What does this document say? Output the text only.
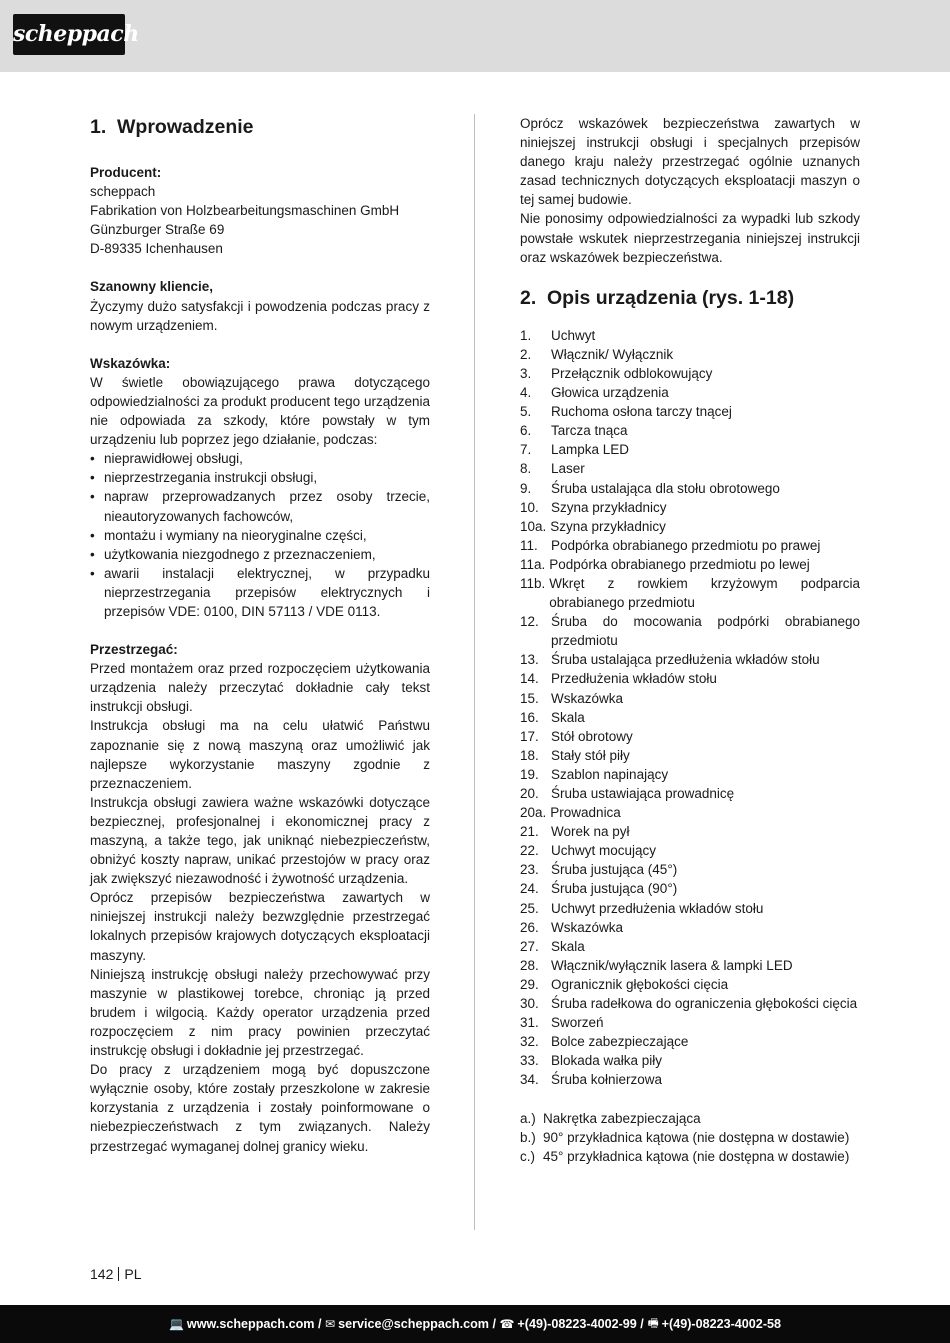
scheppach
1. Wprowadzenie

Producent:

scheppach

Fabrikation von Holzbearbeitungsmaschinen GmbH

Günzburger Straße 69

D-89335 Ichenhausen

Szanowny kliencie,

Życzymy dużo satysfakcji i powodzenia podczas pracy z nowym urządzeniem.

Wskazówka:

W świetle obowiązującego prawa dotyczącego odpowiedzialności za produkt producent tego urządzenia nie odpowiada za szkody, które powstały w tym urządzeniu lub poprzez jego działanie, podczas:

• nieprawidłowej obsługi,
• nieprzestrzegania instrukcji obsługi,
• napraw przeprowadzanych przez osoby trzecie, nieautoryzowanych fachowców,
• montażu i wymiany na nieoryginalne części,
• użytkowania niezgodnego z przeznaczeniem,
• awarii instalacji elektrycznej, w przypadku nieprzestrzegania przepisów elektrycznych i przepisów VDE: 0100, DIN 57113 / VDE 0113.

Przestrzegać:

Przed montażem oraz przed rozpoczęciem użytkowania urządzenia należy przeczytać dokładnie cały tekst instrukcji obsługi.

Instrukcja obsługi ma na celu ułatwić Państwu zapoznanie się z nową maszyną oraz umożliwić jak najlepsze wykorzystanie maszyny zgodnie z przeznaczeniem.

Instrukcja obsługi zawiera ważne wskazówki dotyczące bezpiecznej, profesjonalnej i ekonomicznej pracy z maszyną, a także tego, jak uniknąć niebezpieczeństw, obniżyć koszty napraw, unikać przestojów w pracy oraz jak zwiększyć niezawodność i żywotność urządzenia.

Oprócz przepisów bezpieczeństwa zawartych w niniejszej instrukcji należy bezwzględnie przestrzegać lokalnych przepisów krajowych dotyczących eksploatacji maszyny.

Niniejszą instrukcję obsługi należy przechowywać przy maszynie w plastikowej torebce, chroniąc ją przed brudem i wilgocią. Każdy operator urządzenia przed rozpoczęciem z nim pracy powinien przeczytać instrukcję obsługi i dokładnie jej przestrzegać.

Do pracy z urządzeniem mogą być dopuszczone wyłącznie osoby, które zostały przeszkolone w zakresie korzystania z urządzenia i zostały poinformowane o niebezpieczeństwach z tym związanych. Należy przestrzegać wymaganej dolnej granicy wieku.

Oprócz wskazówek bezpieczeństwa zawartych w niniejszej instrukcji obsługi i specjalnych przepisów danego kraju należy przestrzegać ogólnie uznanych zasad technicznych dotyczących eksploatacji maszyn o tej samej budowie.

Nie ponosimy odpowiedzialności za wypadki lub szkody powstałe wskutek nieprzestrzegania niniejszej instrukcji oraz wskazówek bezpieczeństwa.

2. Opis urządzenia (rys. 1-18)
1.	Uchwyt
2.	Włącznik/ Wyłącznik
3.	Przełącznik odblokowujący
4.	Głowica urządzenia
5.	Ruchoma osłona tarczy tnącej
6.	Tarcza tnąca
7.	Lampka LED
8.	Laser
9.	Śruba ustalająca dla stołu obrotowego
10. Szyna przykładnicy
10a. Szyna przykładnicy
11. Podpórka obrabianego przedmiotu po prawej
11a. Podpórka obrabianego przedmiotu po lewej
11b. Wkręt z rowkiem krzyżowym podparcia obrabianego przedmiotu
12. Śruba do mocowania podpórki obrabianego przedmiotu
13. Śruba ustalająca przedłużenia wkładów stołu
14. Przedłużenia wkładów stołu
15. Wskazówka
16. Skala
17. Stół obrotowy
18. Stały stół piły
19. Szablon napinający
20. Śruba ustawiająca prowadnicę
20a. Prowadnica
21. Worek na pył
22. Uchwyt mocujący
23. Śruba justująca (45°)
24. Śruba justująca (90°)
25. Uchwyt przedłużenia wkładów stołu
26. Wskazówka
27. Skala
28. Włącznik/wyłącznik lasera & lampki LED
29. Ogranicznik głębokości cięcia
30. Śruba radełkowa do ograniczenia głębokości cięcia
31. Sworzeń
32. Bolce zabezpieczające
33. Blokada wałka piły
34. Śruba kołnierzowa
a.) Nakrętka zabezpieczająca
b.) 90° przykładnica kątowa (nie dostępna w dostawie)
c.) 45° przykładnica kątowa (nie dostępna w dostawie)
142 PL
💻 www.scheppach.com / ✉ service@scheppach.com / ☎ +(49)-08223-4002-99 / 🖷 +(49)-08223-4002-58
